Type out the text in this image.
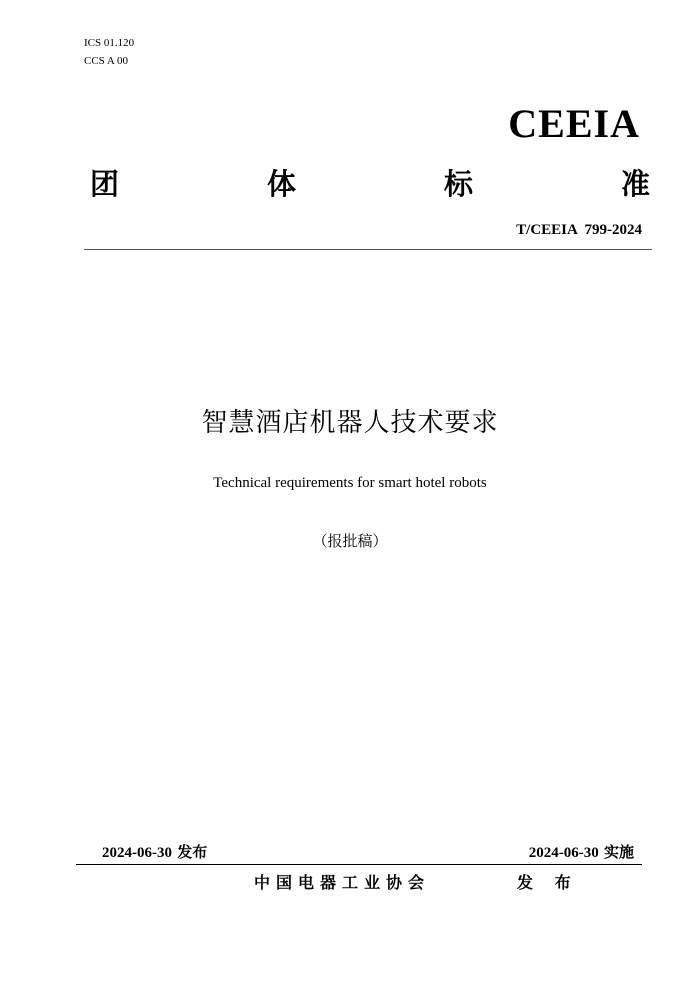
ICS 01.120
CCS A 00
CEEIA
团	体	标	准
T/CEEIA  799-2024
智慧酒店机器人技术要求
Technical requirements for smart hotel robots
（报批稿）
2024-06-30 发布	2024-06-30 实施
中国电器工业协会	发 布
